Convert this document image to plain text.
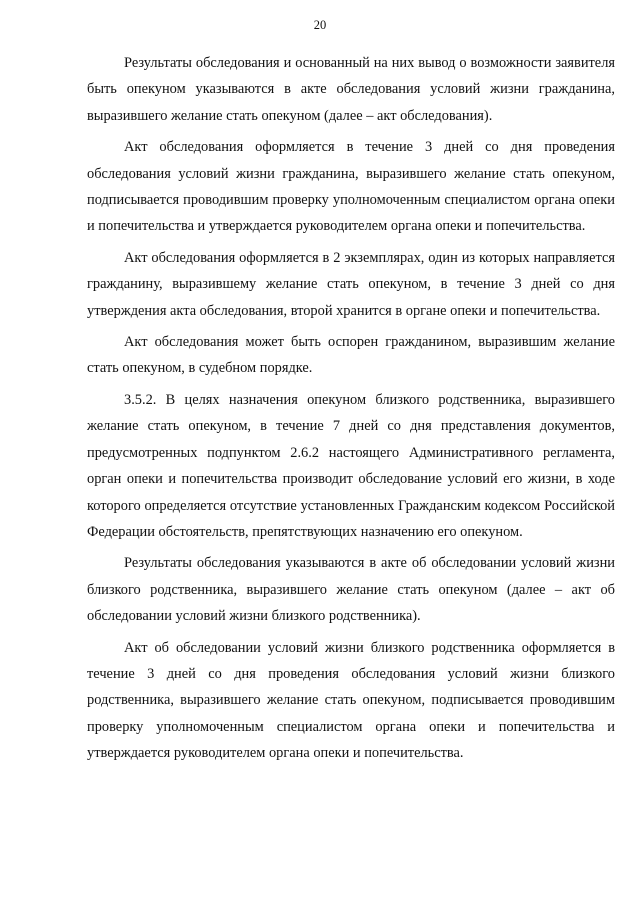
20

Результаты обследования и основанный на них вывод о возможности заявителя быть опекуном указываются в акте обследования условий жизни гражданина, выразившего желание стать опекуном (далее – акт обследования).

Акт обследования оформляется в течение 3 дней со дня проведения обследования условий жизни гражданина, выразившего желание стать опекуном, подписывается проводившим проверку уполномоченным специалистом органа опеки и попечительства и утверждается руководителем органа опеки и попечительства.

Акт обследования оформляется в 2 экземплярах, один из которых направляется гражданину, выразившему желание стать опекуном, в течение 3 дней со дня утверждения акта обследования, второй хранится в органе опеки и попечительства.

Акт обследования может быть оспорен гражданином, выразившим желание стать опекуном, в судебном порядке.

3.5.2. В целях назначения опекуном близкого родственника, выразившего желание стать опекуном, в течение 7 дней со дня представления документов, предусмотренных подпунктом 2.6.2 настоящего Административного регламента, орган опеки и попечительства производит обследование условий его жизни, в ходе которого определяется отсутствие установленных Гражданским кодексом Российской Федерации обстоятельств, препятствующих назначению его опекуном.

Результаты обследования указываются в акте об обследовании условий жизни близкого родственника, выразившего желание стать опекуном (далее – акт об обследовании условий жизни близкого родственника).

Акт об обследовании условий жизни близкого родственника оформляется в течение 3 дней со дня проведения обследования условий жизни близкого родственника, выразившего желание стать опекуном, подписывается проводившим проверку уполномоченным специалистом органа опеки и попечительства и утверждается руководителем органа опеки и попечительства.
